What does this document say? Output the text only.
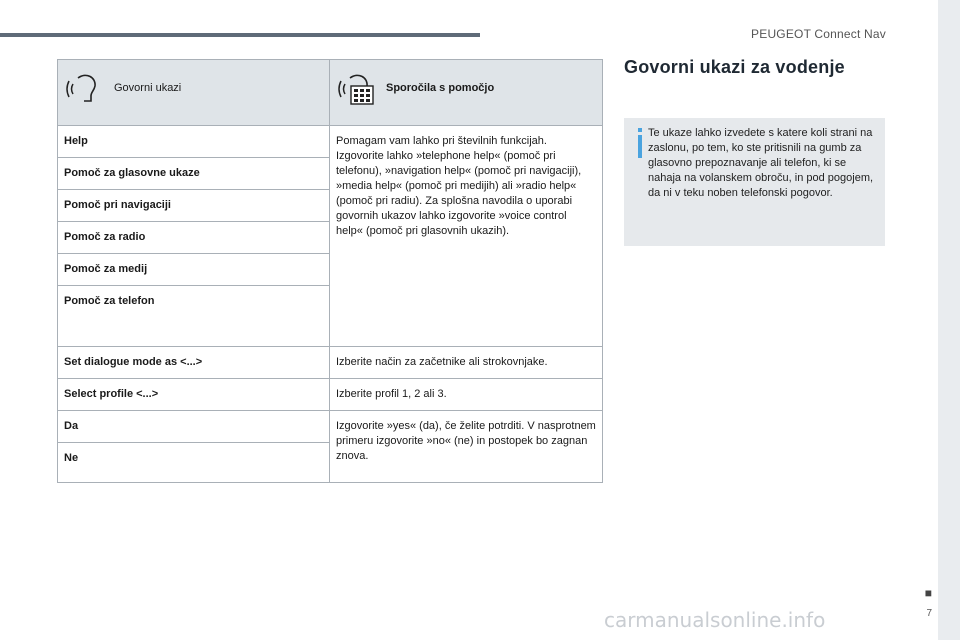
PEUGEOT Connect Nav
Govorni ukazi	Sporočila s pomočjo

Help	Pomagam vam lahko pri številnih funkcijah. Izgovorite lahko »telephone help« (pomoč pri telefonu), »navigation help« (pomoč pri navigaciji), »media help« (pomoč pri medijih) ali »radio help« (pomoč pri radiu). Za splošna navodila o uporabi govornih ukazov lahko izgovorite »voice control help« (pomoč pri glasovnih ukazih).
Pomoč za glasovne ukaze	
Pomoč pri navigaciji	
Pomoč za radio	
Pomoč za medij	
Pomoč za telefon	
Set dialogue mode as <...>	Izberite način za začetnike ali strokovnjake.
Select profile <...>	Izberite profil 1, 2 ali 3.
Da	Izgovorite »yes« (da), če želite potrditi. V nasprotnem primeru izgovorite »no« (ne) in postopek bo zagnan znova.
Ne	
Govorni ukazi za vodenje
Te ukaze lahko izvedete s katere koli strani na zaslonu, po tem, ko ste pritisnili na gumb za glasovno prepoznavanje ali telefon, ki se nahaja na volanskem obroču, in pod pogojem, da ni v teku noben telefonski pogovor.
■
7
carmanualsonline.info
